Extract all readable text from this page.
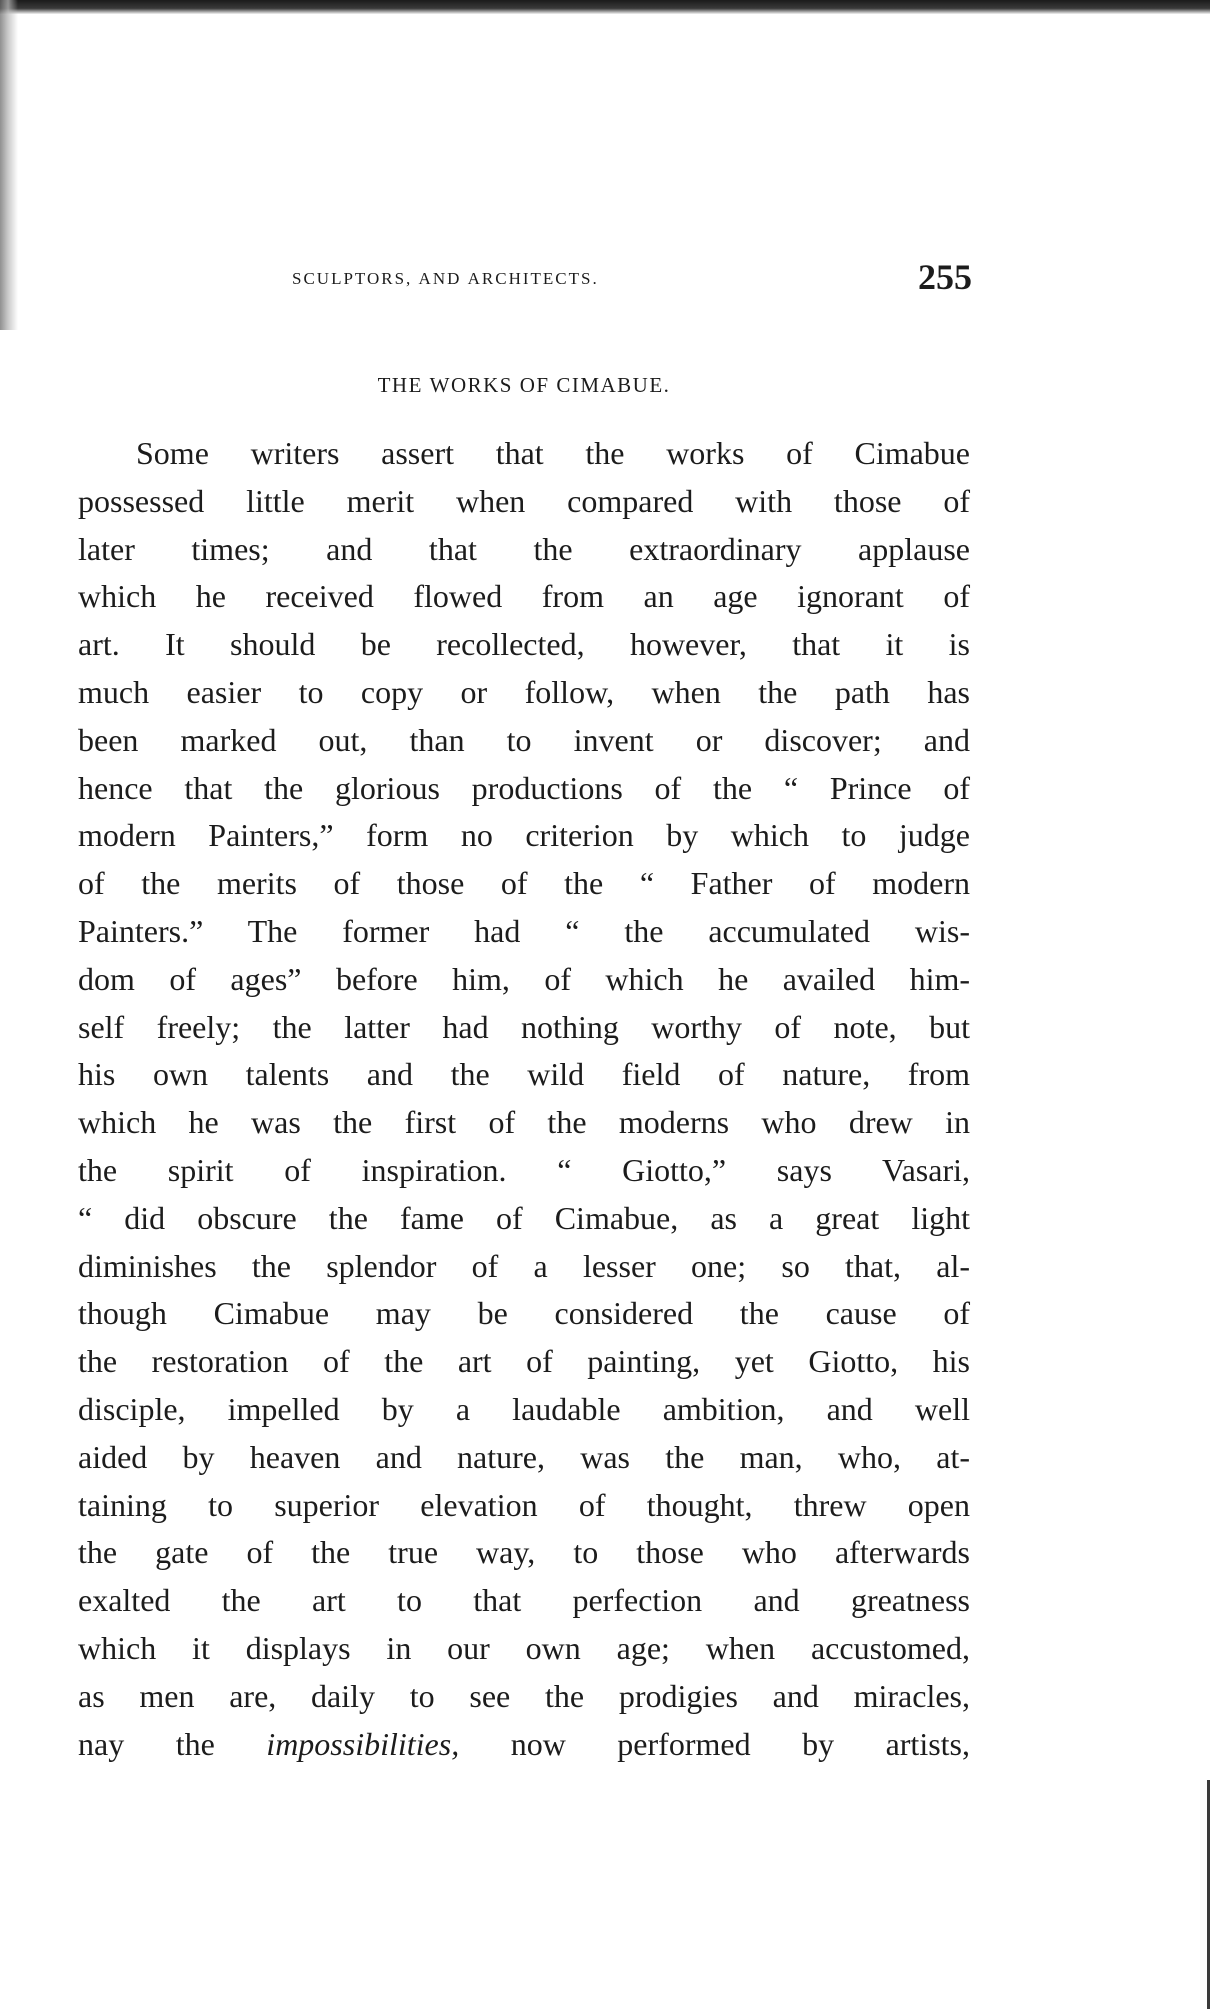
sculptors, and architects.	255
the works of cimabue.
Some writers assert that the works of Cimabue
possessed little merit when compared with those of
later times; and that the extraordinary applause
which he received flowed from an age ignorant of
art. It should be recollected, however, that it is
much easier to copy or follow, when the path has
been marked out, than to invent or discover; and
hence that the glorious productions of the “ Prince of
modern Painters,” form no criterion by which to judge
of the merits of those of the “ Father of modern
Painters.” The former had “ the accumulated wis-
dom of ages” before him, of which he availed him-
self freely; the latter had nothing worthy of note, but
his own talents and the wild field of nature, from
which he was the first of the moderns who drew in
the spirit of inspiration. “ Giotto,” says Vasari,
“ did obscure the fame of Cimabue, as a great light
diminishes the splendor of a lesser one; so that, al-
though Cimabue may be considered the cause of
the restoration of the art of painting, yet Giotto, his
disciple, impelled by a laudable ambition, and well
aided by heaven and nature, was the man, who, at-
taining to superior elevation of thought, threw open
the gate of the true way, to those who afterwards
exalted the art to that perfection and greatness
which it displays in our own age; when accustomed,
as men are, daily to see the prodigies and miracles,
nay the impossibilities, now performed by artists,
